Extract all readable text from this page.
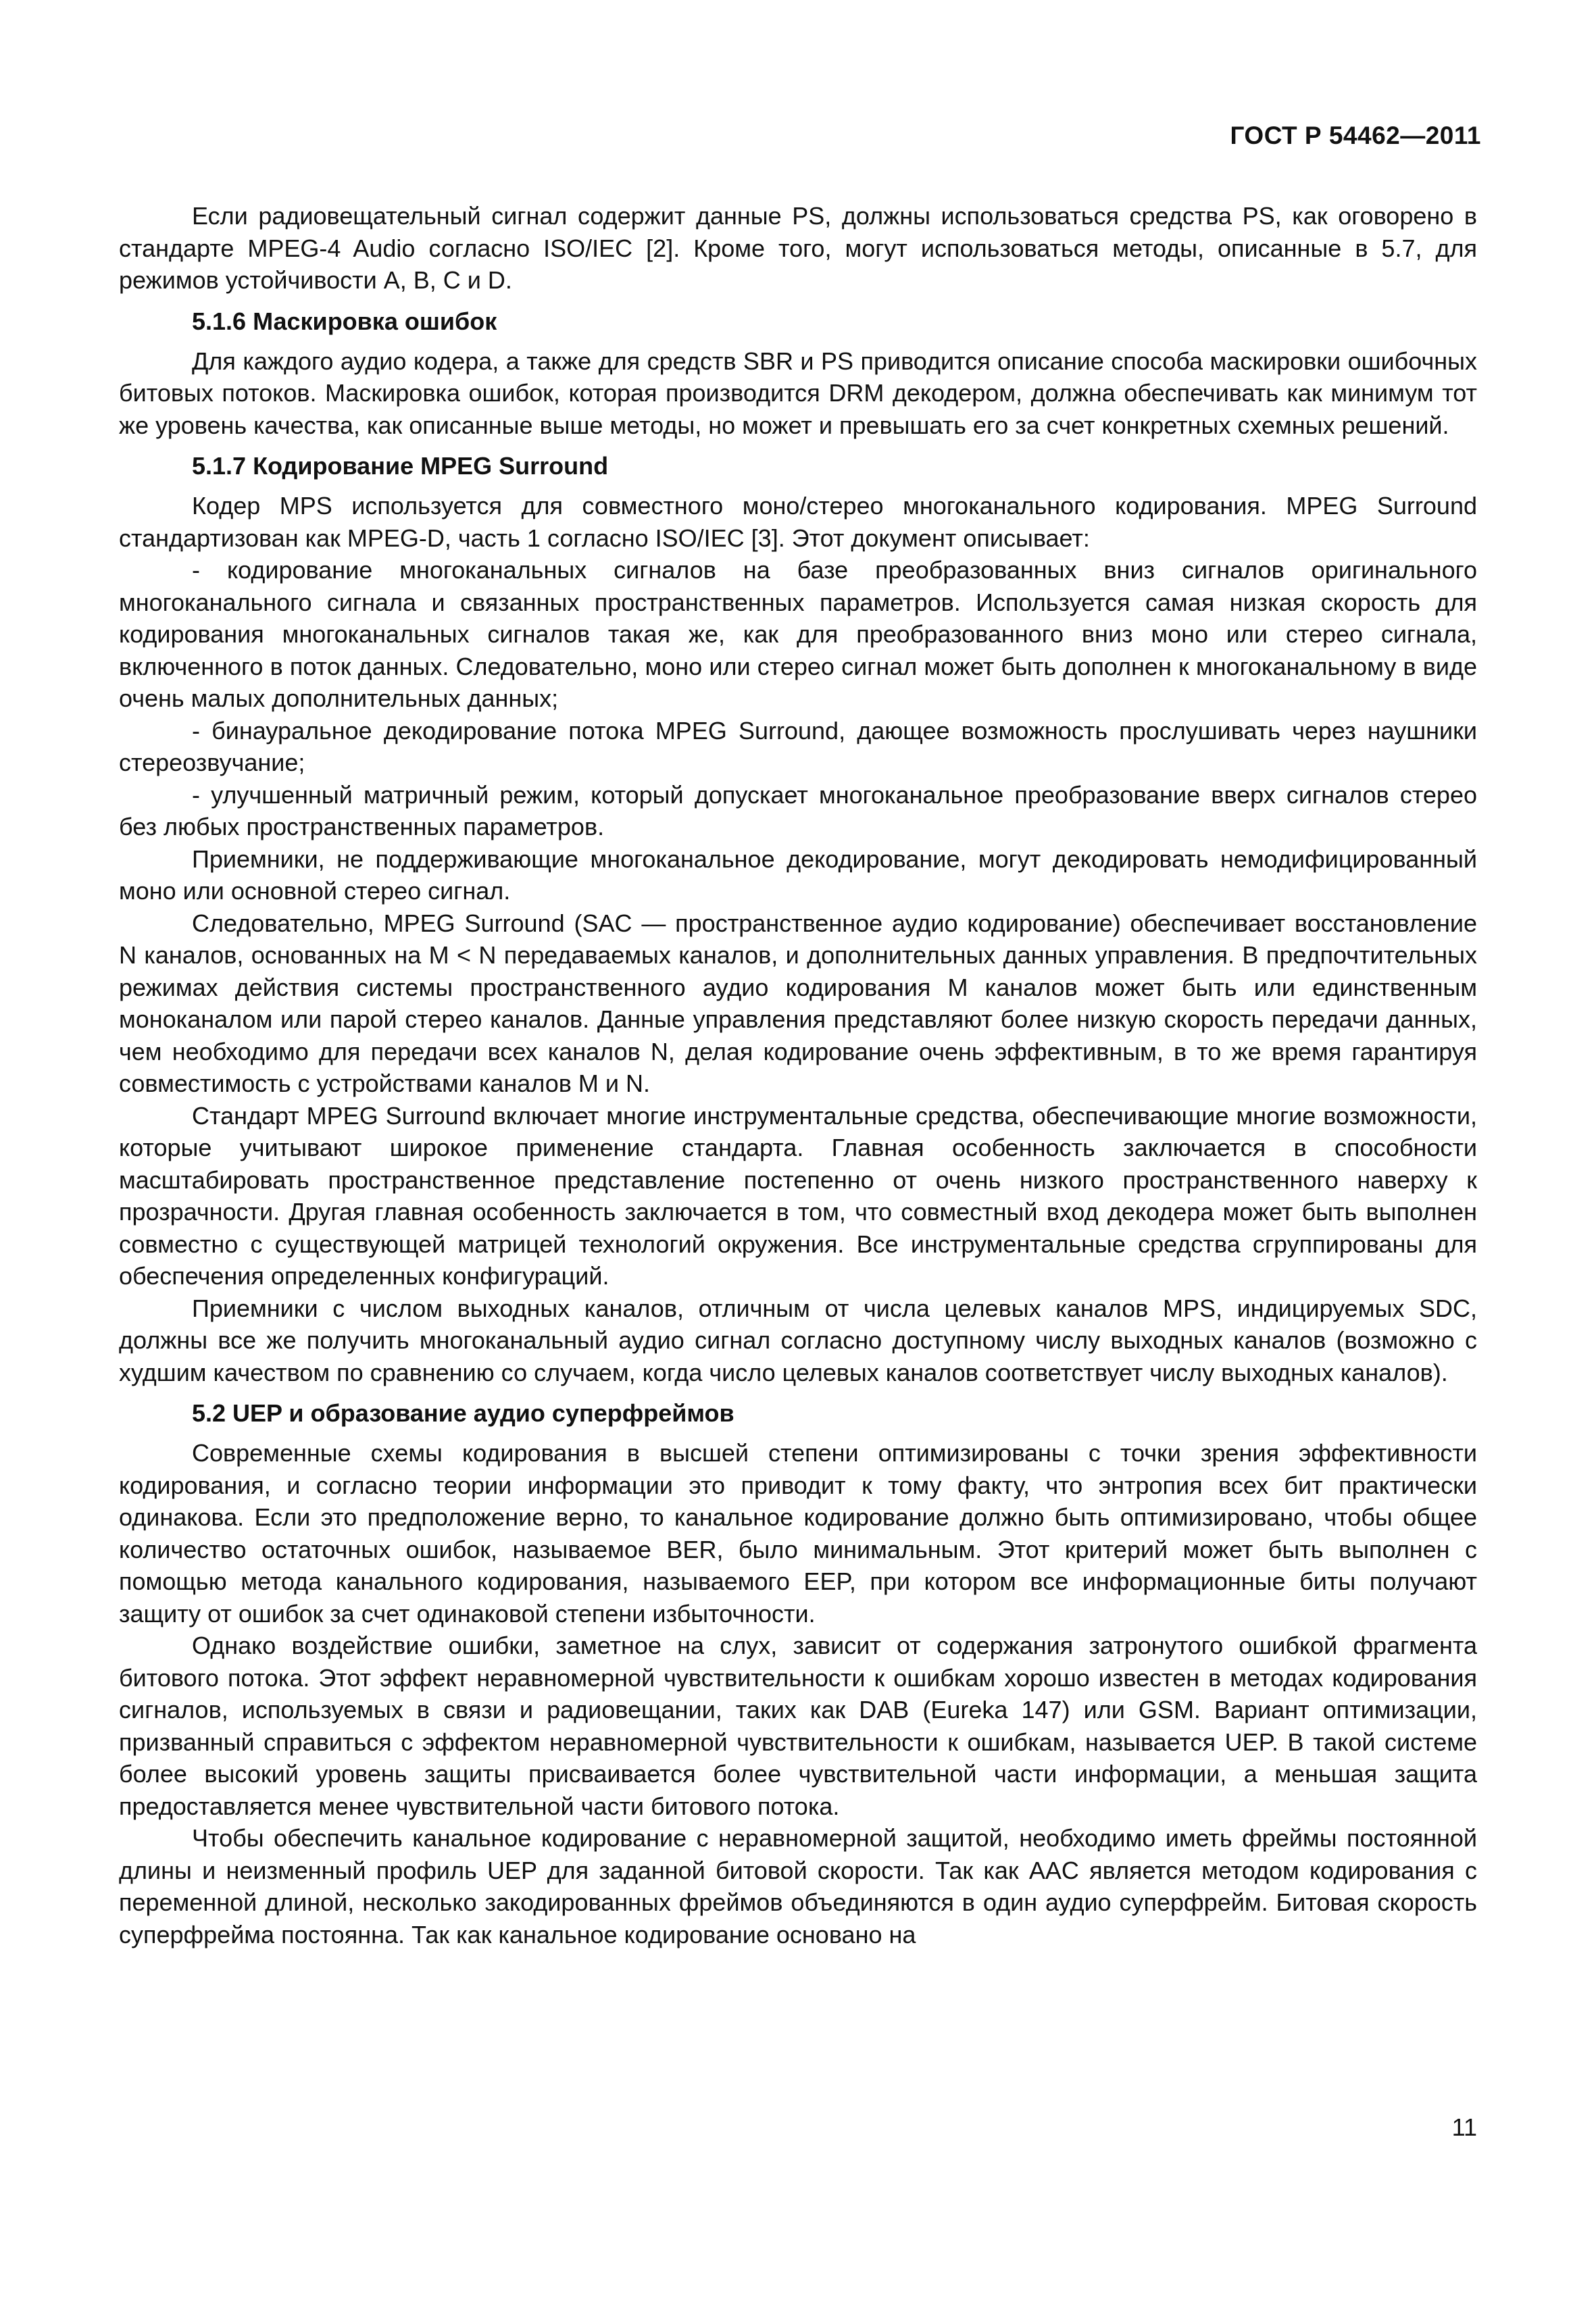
ГОСТ Р 54462—2011

Если радиовещательный сигнал содержит данные PS, должны использоваться средства PS, как оговорено в стандарте MPEG-4 Audio согласно ISO/IEC [2]. Кроме того, могут использоваться методы, описанные в 5.7, для режимов устойчивости A, B, C и D.

5.1.6 Маскировка ошибок

Для каждого аудио кодера, а также для средств SBR и PS приводится описание способа маскировки ошибочных битовых потоков. Маскировка ошибок, которая производится DRM декодером, должна обеспечивать как минимум тот же уровень качества, как описанные выше методы, но может и превышать его за счет конкретных схемных решений.

5.1.7 Кодирование MPEG Surround

Кодер MPS используется для совместного моно/стерео многоканального кодирования. MPEG Surround стандартизован как MPEG-D, часть 1 согласно ISO/IEC [3]. Этот документ описывает:

- кодирование многоканальных сигналов на базе преобразованных вниз сигналов оригинального многоканального сигнала и связанных пространственных параметров. Используется самая низкая скорость для кодирования многоканальных сигналов такая же, как для преобразованного вниз моно или стерео сигнала, включенного в поток данных. Следовательно, моно или стерео сигнал может быть дополнен к многоканальному в виде очень малых дополнительных данных;

- бинауральное декодирование потока MPEG Surround, дающее возможность прослушивать через наушники стереозвучание;

- улучшенный матричный режим, который допускает многоканальное преобразование вверх сигналов стерео без любых пространственных параметров.

Приемники, не поддерживающие многоканальное декодирование, могут декодировать немодифицированный моно или основной стерео сигнал.

Следовательно, MPEG Surround (SAC — пространственное аудио кодирование) обеспечивает восстановление N каналов, основанных на M < N передаваемых каналов, и дополнительных данных управления. В предпочтительных режимах действия системы пространственного аудио кодирования M каналов может быть или единственным моноканалом или парой стерео каналов. Данные управления представляют более низкую скорость передачи данных, чем необходимо для передачи всех каналов N, делая кодирование очень эффективным, в то же время гарантируя совместимость с устройствами каналов M и N.

Стандарт MPEG Surround включает многие инструментальные средства, обеспечивающие многие возможности, которые учитывают широкое применение стандарта. Главная особенность заключается в способности масштабировать пространственное представление постепенно от очень низкого пространственного наверху к прозрачности. Другая главная особенность заключается в том, что совместный вход декодера может быть выполнен совместно с существующей матрицей технологий окружения. Все инструментальные средства сгруппированы для обеспечения определенных конфигураций.

Приемники с числом выходных каналов, отличным от числа целевых каналов MPS, индицируемых SDC, должны все же получить многоканальный аудио сигнал согласно доступному числу выходных каналов (возможно с худшим качеством по сравнению со случаем, когда число целевых каналов соответствует числу выходных каналов).

5.2 UEP и образование аудио суперфреймов

Современные схемы кодирования в высшей степени оптимизированы с точки зрения эффективности кодирования, и согласно теории информации это приводит к тому факту, что энтропия всех бит практически одинакова. Если это предположение верно, то канальное кодирование должно быть оптимизировано, чтобы общее количество остаточных ошибок, называемое BER, было минимальным. Этот критерий может быть выполнен с помощью метода канального кодирования, называемого EEP, при котором все информационные биты получают защиту от ошибок за счет одинаковой степени избыточности.

Однако воздействие ошибки, заметное на слух, зависит от содержания затронутого ошибкой фрагмента битового потока. Этот эффект неравномерной чувствительности к ошибкам хорошо известен в методах кодирования сигналов, используемых в связи и радиовещании, таких как DAB (Eureka 147) или GSM. Вариант оптимизации, призванный справиться с эффектом неравномерной чувствительности к ошибкам, называется UEP. В такой системе более высокий уровень защиты присваивается более чувствительной части информации, а меньшая защита предоставляется менее чувствительной части битового потока.

Чтобы обеспечить канальное кодирование с неравномерной защитой, необходимо иметь фреймы постоянной длины и неизменный профиль UEP для заданной битовой скорости. Так как AAC является методом кодирования с переменной длиной, несколько закодированных фреймов объединяются в один аудио суперфрейм. Битовая скорость суперфрейма постоянна. Так как канальное кодирование основано на

11
